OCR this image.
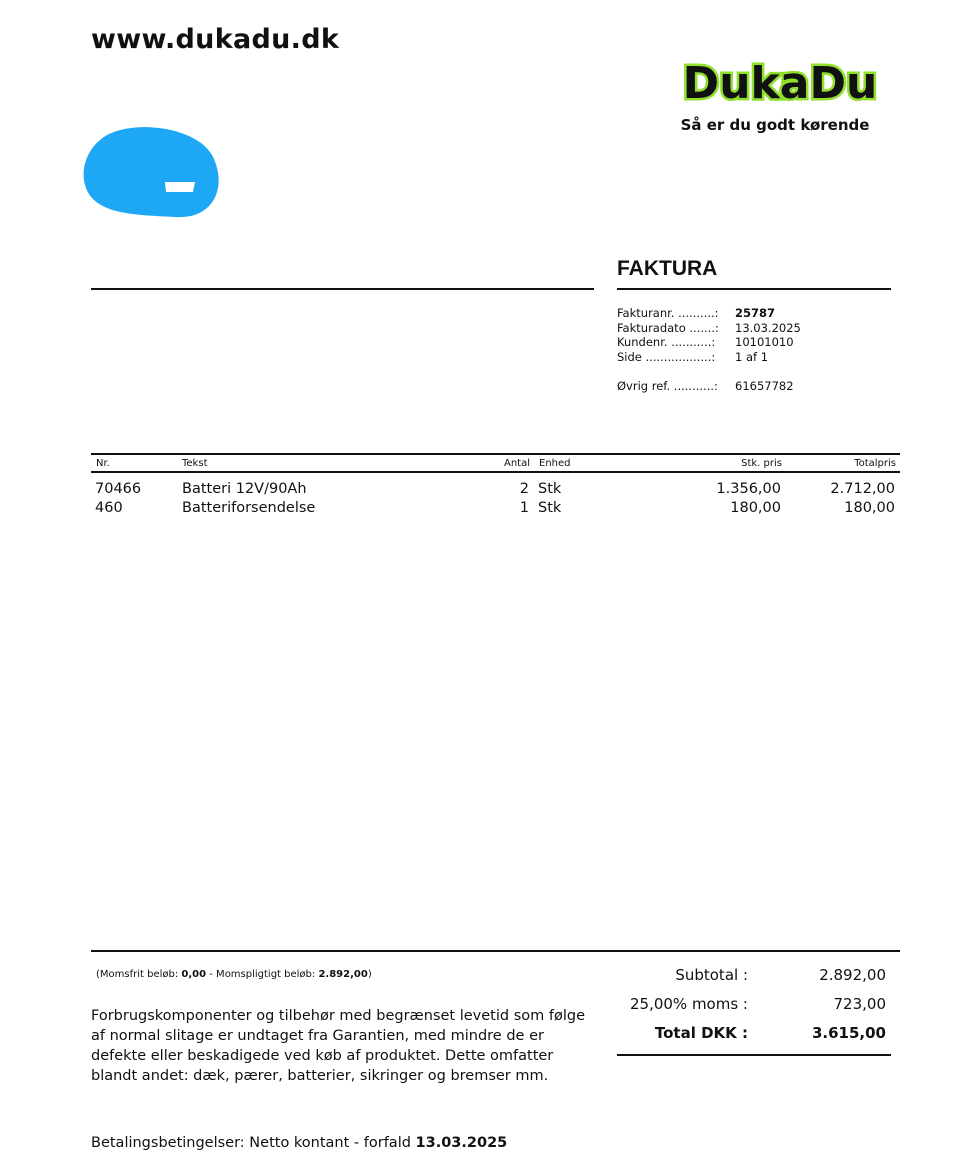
www.dukadu.dk
DukaDu
Så er du godt kørende
FAKTURA
Fakturanr. ..........:	25787
Fakturadato .......:	13.03.2025
Kundenr. ...........:	10101010
Side ..................:	1 af 1
Øvrig ref. ...........:	61657782
Nr.	Tekst	Antal Enhed	Stk. pris	Totalpris
70466	Batteri 12V/90Ah	2 Stk	1.356,00	2.712,00
460	Batteriforsendelse	1 Stk	180,00	180,00
(Momsfrit beløb: 0,00 - Momspligtigt beløb: 2.892,00)
Forbrugskomponenter og tilbehør med begrænset levetid som følge af normal slitage er undtaget fra Garantien, med mindre de er defekte eller beskadigede ved køb af produktet. Dette omfatter blandt andet: dæk, pærer, batterier, sikringer og bremser mm.
Subtotal :	2.892,00
25,00% moms :	723,00
Total DKK :	3.615,00
Betalingsbetingelser: Netto kontant - forfald 13.03.2025
